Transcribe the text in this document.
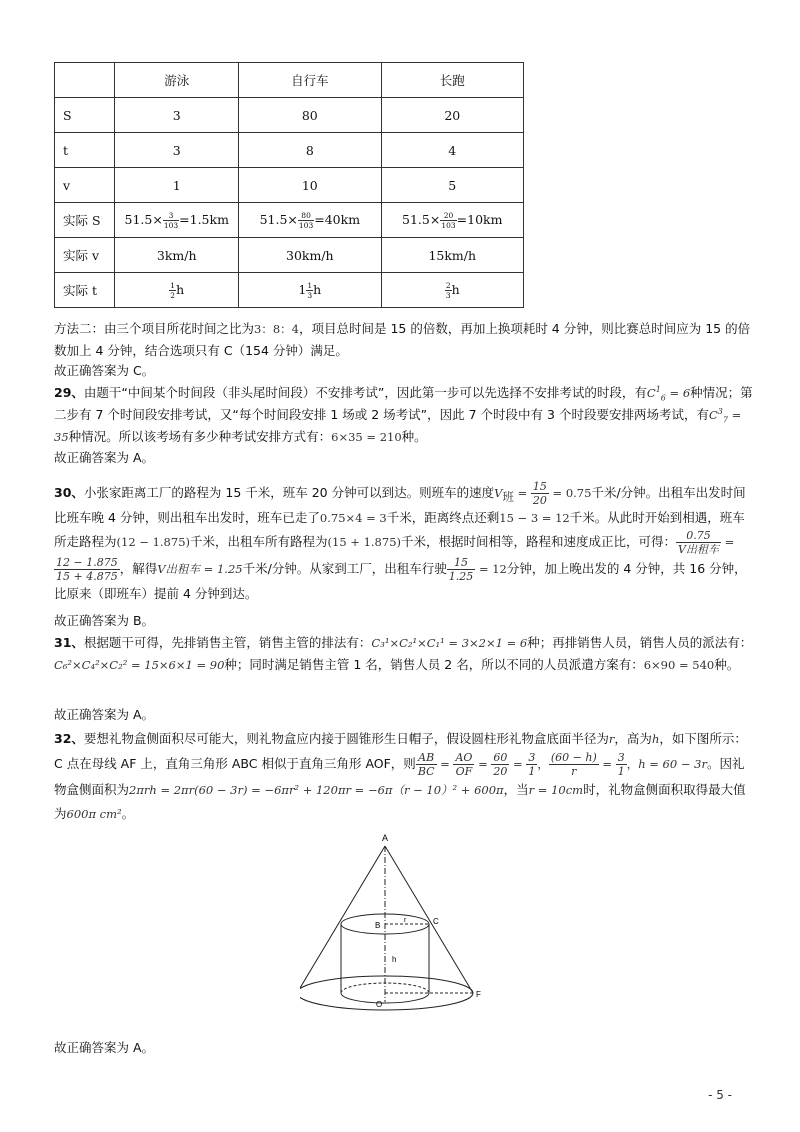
	游泳	自行车	长跑
S	3	80	20
t	3	8	4
v	1	10	5
实际 S	$51.5\times \frac{3}{103} =1.5km$	$51.5\times \frac{80}{103} =40km$	$51.5\times \frac{20}{103} =10km$
实际 v	3km/h	30km/h	15km/h
实际 t	$\frac{1}{2}$ h	$1 \frac{1}{3}$ h	$\frac{2}{3}$ h

方法二：由三个项目所花时间之比为3：8：4，项目总时间是 15 的倍数，再加上换项耗时 4 分钟，则比赛总时间应为 15 的倍数加上 4 分钟，结合选项只有 C（154 分钟）满足。

故正确答案为 C。

29、由题干“中间某个时间段（非头尾时间段）不安排考试”，因此第一步可以先选择不安排考试的时段，有$C^1_6 = 6$种情况；第二步有 7 个时间段安排考试，又“每个时间段安排 1 场或 2 场考试”，因此 7 个时段中有 3 个时段要安排两场考试，有$C^3_7 = 35$种情况。所以该考场有多少种考试安排方式有：6×35 = 210种。

故正确答案为 A。

30、小张家距离工厂的路程为 15 千米，班车 20 分钟可以到达。则班车的速度$V_班 = \frac{15}{20} = 0.75$千米/分钟。出租车出发时间比班车晚 4 分钟，则出租车出发时，班车已走了0.75×4 = 3千米，距离终点还剩15 − 3 = 12千米。从此时开始到相遇，班车所走路程为(12 − 1.875)千米，出租车所有路程为(15 + 1.875)千米，根据时间相等，路程和速度成正比，可得： $\frac{0.75}{\text{V出租车}}$ =
$\frac{12 - 1.875}{15 + 4.875}$ ，解得V出租车 = 1.25千米/分钟。从家到工厂，出租车行驶 $\frac{15}{1.25} = 12$分钟，加上晚出发的 4 分钟，共 16 分钟，比原来（即班车）提前 4 分钟到达。

故正确答案为 B。

31、根据题干可得，先排销售主管，销售主管的排法有：C₃¹×C₂¹×C₁¹ = 3×2×1 = 6种；再排销售人员，销售人员的派法有：C₆²×C₄²×C₂² = 15×6×1 = 90种；同时满足销售主管 1 名，销售人员 2 名，所以不同的人员派遣方案有：6×90 = 540种。

故正确答案为 A。

32、要想礼物盒侧面积尽可能大，则礼物盒应内接于圆锥形生日帽子，假设圆柱形礼物盒底面半径为r，高为h，如下图所示：C 点在母线 AF 上，直角三角形 ABC 相似于直角三角形 AOF，则 $\frac{AB}{BC} = \frac{AO}{OF} = \frac{60}{20} = \frac{3}{1}$ ， $\frac{(60 - h)}{r} = \frac{3}{1}$ ，h = 60 − 3r。因礼物盒侧面积为2πrh = 2πr(60 − 3r) = −6πr² + 120πr = −6π（r − 10）² + 600π，当r = 10cm时，礼物盒侧面积取得最大值为600π cm²。

A
B	C
O
F
r
h

故正确答案为 A。

- 5 -
